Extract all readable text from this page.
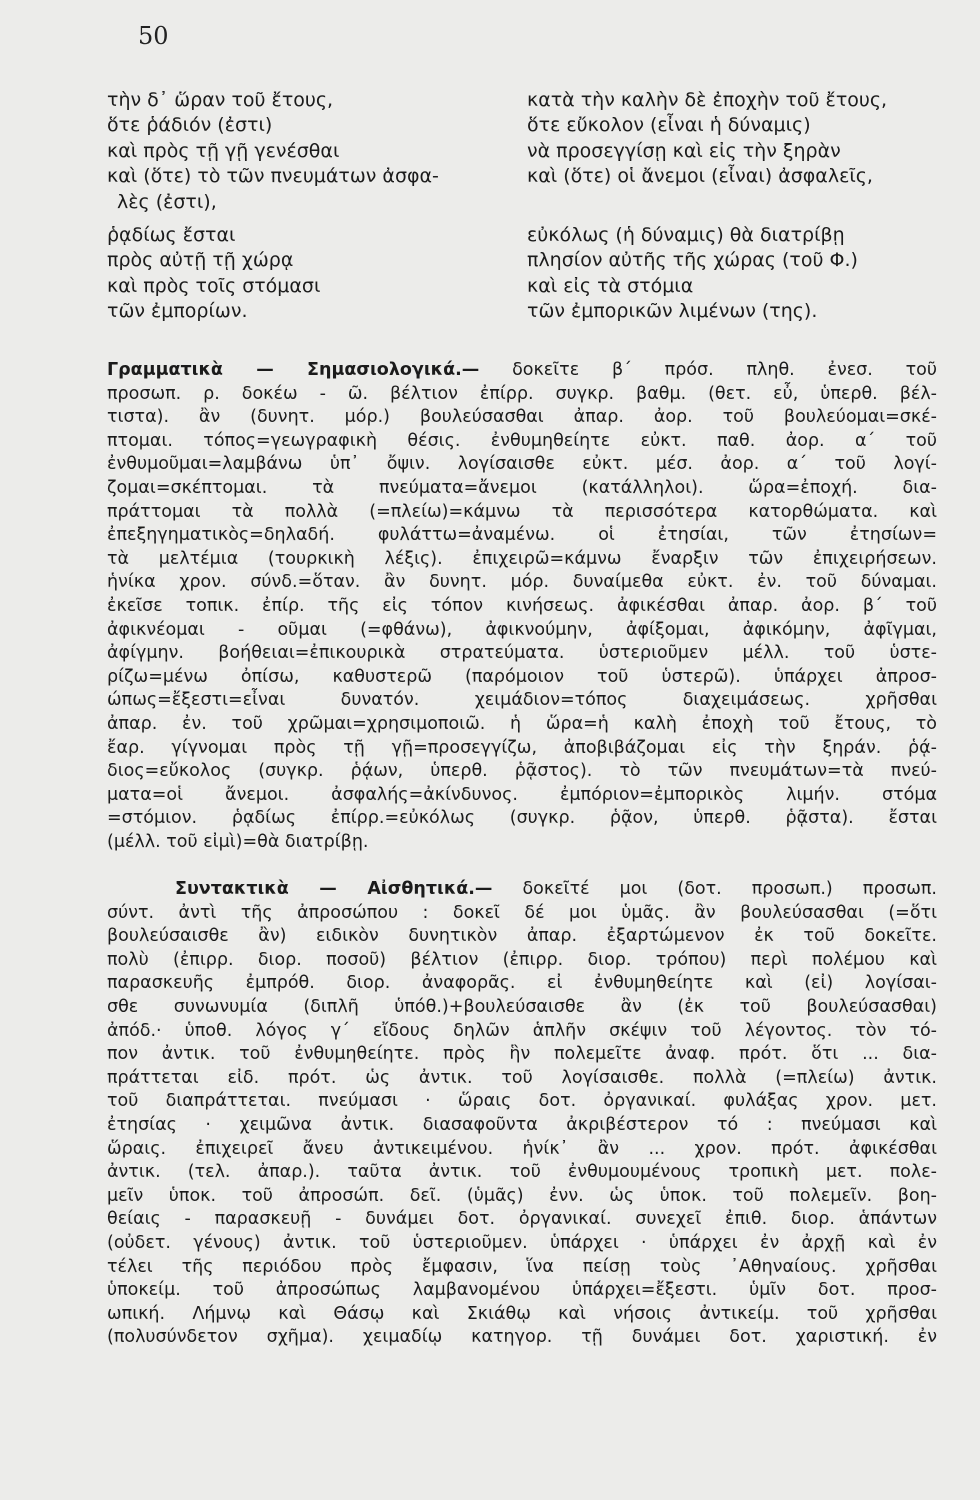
50
τὴν δ᾿ ὥραν τοῦ ἔτους,
ὅτε ῥάδιόν (ἐστι)
καὶ πρὸς τῇ γῇ γενέσθαι
καὶ (ὅτε) τὸ τῶν πνευμάτων ἀσφα-
λὲς (ἐστι),
ῥᾳδίως ἔσται
πρὸς αὐτῇ τῇ χώρᾳ
καὶ πρὸς τοῖς στόμασι
τῶν ἐμπορίων.
κατὰ τὴν καλὴν δὲ ἐποχὴν τοῦ ἔτους,
ὅτε εὔκολον (εἶναι ἡ δύναμις)
νὰ προσεγγίσῃ καὶ εἰς τὴν ξηρὰν
καὶ (ὅτε) οἱ ἄνεμοι (εἶναι) ἀσφαλεῖς,

εὐκόλως (ἡ δύναμις) θὰ διατρίβῃ
πλησίον αὐτῆς τῆς χώρας (τοῦ Φ.)
καὶ εἰς τὰ στόμια
τῶν ἐμπορικῶν λιμένων (της).
Γραμματικὰ — Σημασιολογικά.— δοκεῖτε β΄ πρόσ. πληθ. ἐνεσ. τοῦ
προσωπ. ρ. δοκέω - ῶ. βέλτιον ἐπίρρ. συγκρ. βαθμ. (θετ. εὖ, ὑπερθ. βέλ-
τιστα). ἂν (δυνητ. μόρ.) βουλεύσασθαι ἀπαρ. ἀορ. τοῦ βουλεύομαι=σκέ-
πτομαι. τόπος=γεωγραφικὴ θέσις. ἐνθυμηθείητε εὐκτ. παθ. ἀορ. α΄ τοῦ
ἐνθυμοῦμαι=λαμβάνω ὑπ᾿ ὄψιν. λογίσαισθε εὐκτ. μέσ. ἀορ. α΄ τοῦ λογί-
ζομαι=σκέπτομαι. τὰ πνεύματα=ἄνεμοι (κατάλληλοι). ὥρα=ἐποχή. δια-
πράττομαι τὰ πολλὰ (=πλείω)=κάμνω τὰ περισσότερα κατορθώματα. καὶ
ἐπεξηγηματικὸς=δηλαδή. φυλάττω=ἀναμένω. οἱ ἐτησίαι, τῶν ἐτησίων=
τὰ μελτέμια (τουρκικὴ λέξις). ἐπιχειρῶ=κάμνω ἔναρξιν τῶν ἐπιχειρήσεων.
ἡνίκα χρον. σύνδ.=ὅταν. ἂν δυνητ. μόρ. δυναίμεθα εὐκτ. ἐν. τοῦ δύναμαι.
ἐκεῖσε τοπικ. ἐπίρ. τῆς εἰς τόπον κινήσεως. ἀφικέσθαι ἀπαρ. ἀορ. β΄ τοῦ
ἀφικνέομαι - οῦμαι (=φθάνω), ἀφικνούμην, ἀφίξομαι, ἀφικόμην, ἀφῖγμαι,
ἀφίγμην. βοήθειαι=ἐπικουρικὰ στρατεύματα. ὑστεριοῦμεν μέλλ. τοῦ ὑστε-
ρίζω=μένω ὀπίσω, καθυστερῶ (παρόμοιον τοῦ ὑστερῶ). ὑπάρχει ἀπροσ-
ώπως=ἔξεστι=εἶναι δυνατόν. χειμάδιον=τόπος διαχειμάσεως. χρῆσθαι
ἀπαρ. ἐν. τοῦ χρῶμαι=χρησιμοποιῶ. ἡ ὥρα=ἡ καλὴ ἐποχὴ τοῦ ἔτους, τὸ
ἔαρ. γίγνομαι πρὸς τῇ γῇ=προσεγγίζω, ἀποβιβάζομαι εἰς τὴν ξηράν. ῥᾴ-
διος=εὔκολος (συγκρ. ῥᾴων, ὑπερθ. ῥᾷστος). τὸ τῶν πνευμάτων=τὰ πνεύ-
ματα=οἱ ἄνεμοι. ἀσφαλής=ἀκίνδυνος. ἐμπόριον=ἐμπορικὸς λιμήν. στόμα
=στόμιον. ῥᾳδίως ἐπίρρ.=εὐκόλως (συγκρ. ῥᾷον, ὑπερθ. ῥᾷστα). ἔσται
(μέλλ. τοῦ εἰμὶ)=θὰ διατρίβῃ.
Συντακτικὰ — Αἰσθητικά.— δοκεῖτέ μοι (δοτ. προσωπ.) προσωπ.
σύντ. ἀντὶ τῆς ἀπροσώπου : δοκεῖ δέ μοι ὑμᾶς. ἂν βουλεύσασθαι (=ὅτι
βουλεύσαισθε ἂν) ειδικὸν δυνητικὸν ἀπαρ. ἐξαρτώμενον ἐκ τοῦ δοκεῖτε.
πολὺ (ἐπιρρ. διορ. ποσοῦ) βέλτιον (ἐπιρρ. διορ. τρόπου) περὶ πολέμου καὶ
παρασκευῆς ἐμπρόθ. διορ. ἀναφορᾶς. εἰ ἐνθυμηθείητε καὶ (εἰ) λογίσαι-
σθε συνωνυμία (διπλῆ ὑπόθ.)+βουλεύσαισθε ἂν (ἐκ τοῦ βουλεύσασθαι)
ἀπόδ.· ὑποθ. λόγος γ΄ εἴδους δηλῶν ἁπλῆν σκέψιν τοῦ λέγοντος. τὸν τό-
πον ἀντικ. τοῦ ἐνθυμηθείητε. πρὸς ἣν πολεμεῖτε ἀναφ. πρότ. ὅτι ... δια-
πράττεται εἰδ. πρότ. ὡς ἀντικ. τοῦ λογίσαισθε. πολλὰ (=πλείω) ἀντικ.
τοῦ διαπράττεται. πνεύμασι · ὥραις δοτ. ὀργανικαί. φυλάξας χρον. μετ.
ἐτησίας · χειμῶνα ἀντικ. διασαφοῦντα ἀκριβέστερον τό : πνεύμασι καὶ
ὥραις. ἐπιχειρεῖ ἄνευ ἀντικειμένου. ἡνίκ᾿ ἂν ... χρον. πρότ. ἀφικέσθαι
ἀντικ. (τελ. ἀπαρ.). ταῦτα ἀντικ. τοῦ ἐνθυμουμένους τροπικὴ μετ. πολε-
μεῖν ὑποκ. τοῦ ἀπροσώπ. δεῖ. (ὑμᾶς) ἐνν. ὡς ὑποκ. τοῦ πολεμεῖν. βοη-
θείαις - παρασκευῇ - δυνάμει δοτ. ὀργανικαί. συνεχεῖ ἐπιθ. διορ. ἁπάντων
(οὐδετ. γένους) ἀντικ. τοῦ ὑστεριοῦμεν. ὑπάρχει · ὑπάρχει ἐν ἀρχῇ καὶ ἐν
τέλει τῆς περιόδου πρὸς ἔμφασιν, ἵνα πείσῃ τοὺς ᾿Αθηναίους. χρῆσθαι
ὑποκείμ. τοῦ ἀπροσώπως λαμβανομένου ὑπάρχει=ἔξεστι. ὑμῖν δοτ. προσ-
ωπική. Λήμνῳ καὶ Θάσῳ καὶ Σκιάθῳ καὶ νήσοις ἀντικείμ. τοῦ χρῆσθαι
(πολυσύνδετον σχῆμα). χειμαδίῳ κατηγορ. τῇ δυνάμει δοτ. χαριστική. ἐν
